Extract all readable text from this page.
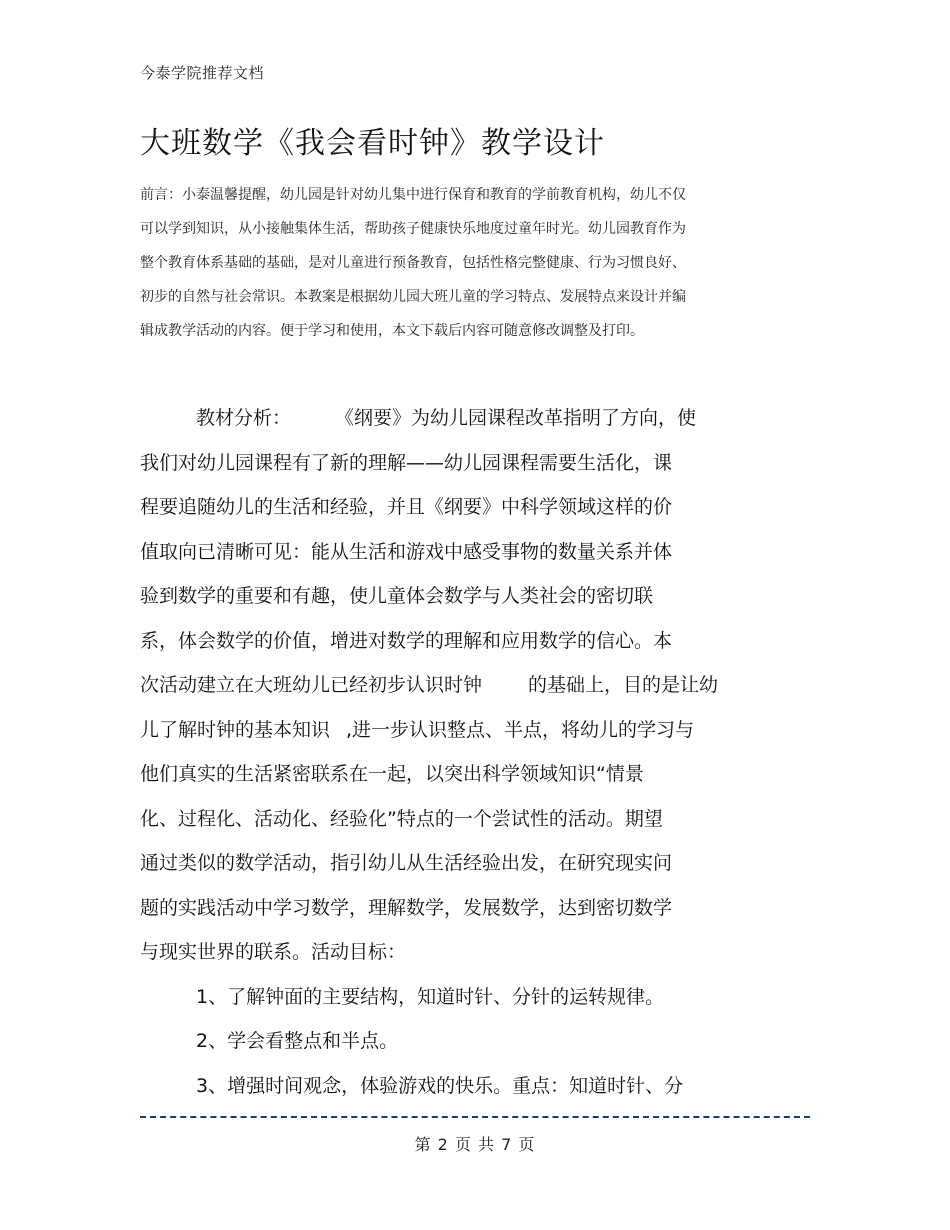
今泰学院推荐文档
大班数学《我会看时钟》教学设计
前言：小泰温馨提醒，幼儿园是针对幼儿集中进行保育和教育的学前教育机构，幼儿不仅
可以学到知识，从小接触集体生活，帮助孩子健康快乐地度过童年时光。幼儿园教育作为
整个教育体系基础的基础，是对儿童进行预备教育，包括性格完整健康、行为习惯良好、
初步的自然与社会常识。本教案是根据幼儿园大班儿童的学习特点、发展特点来设计并编
辑成教学活动的内容。便于学习和使用，本文下载后内容可随意修改调整及打印。
教材分析： 《纲要》为幼儿园课程改革指明了方向，使
我们对幼儿园课程有了新的理解——幼儿园课程需要生活化，课
程要追随幼儿的生活和经验，并且《纲要》中科学领域这样的价
值取向已清晰可见：能从生活和游戏中感受事物的数量关系并体
验到数学的重要和有趣，使儿童体会数学与人类社会的密切联
系，体会数学的价值，增进对数学的理解和应用数学的信心。本
次活动建立在大班幼儿已经初步认识时钟 的基础上，目的是让幼
儿了解时钟的基本知识 ,进一步认识整点、半点，将幼儿的学习与
他们真实的生活紧密联系在一起，以突出科学领域知识“情景
化、过程化、活动化、经验化”特点的一个尝试性的活动。期望
通过类似的数学活动，指引幼儿从生活经验出发，在研究现实问
题的实践活动中学习数学，理解数学，发展数学，达到密切数学
与现实世界的联系。活动目标：
1、了解钟面的主要结构，知道时针、分针的运转规律。
2、学会看整点和半点。
3、增强时间观念，体验游戏的快乐。重点：知道时针、分
第 2 页 共 7 页
